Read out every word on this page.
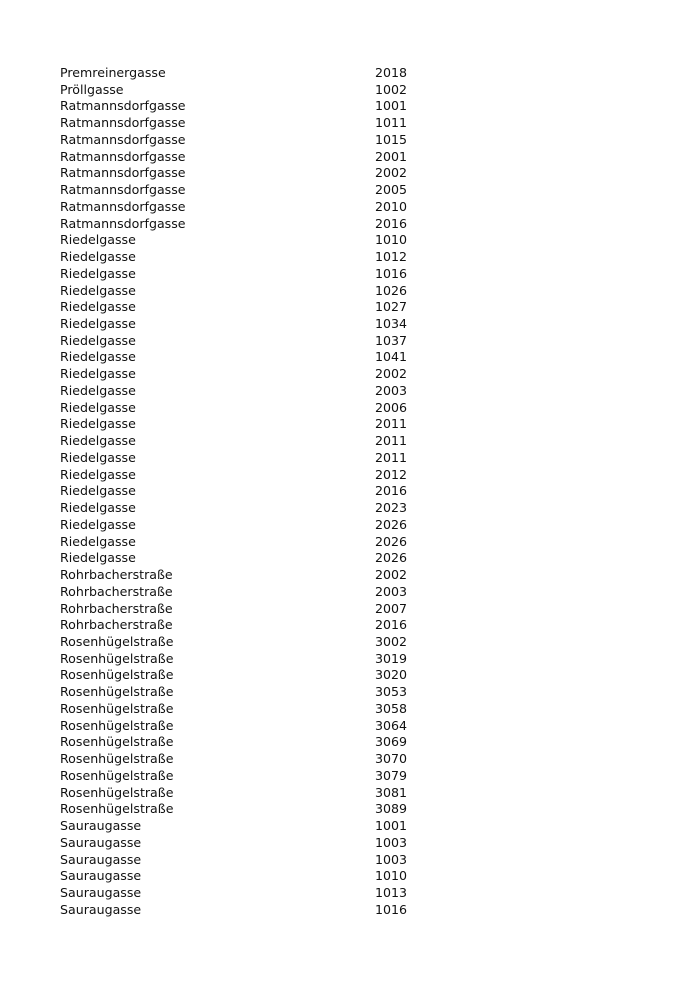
Premreinergasse	2018
Pröllgasse	1002
Ratmannsdorfgasse	1001
Ratmannsdorfgasse	1011
Ratmannsdorfgasse	1015
Ratmannsdorfgasse	2001
Ratmannsdorfgasse	2002
Ratmannsdorfgasse	2005
Ratmannsdorfgasse	2010
Ratmannsdorfgasse	2016
Riedelgasse	1010
Riedelgasse	1012
Riedelgasse	1016
Riedelgasse	1026
Riedelgasse	1027
Riedelgasse	1034
Riedelgasse	1037
Riedelgasse	1041
Riedelgasse	2002
Riedelgasse	2003
Riedelgasse	2006
Riedelgasse	2011
Riedelgasse	2011
Riedelgasse	2011
Riedelgasse	2012
Riedelgasse	2016
Riedelgasse	2023
Riedelgasse	2026
Riedelgasse	2026
Riedelgasse	2026
Rohrbacherstraße	2002
Rohrbacherstraße	2003
Rohrbacherstraße	2007
Rohrbacherstraße	2016
Rosenhügelstraße	3002
Rosenhügelstraße	3019
Rosenhügelstraße	3020
Rosenhügelstraße	3053
Rosenhügelstraße	3058
Rosenhügelstraße	3064
Rosenhügelstraße	3069
Rosenhügelstraße	3070
Rosenhügelstraße	3079
Rosenhügelstraße	3081
Rosenhügelstraße	3089
Sauraugasse	1001
Sauraugasse	1003
Sauraugasse	1003
Sauraugasse	1010
Sauraugasse	1013
Sauraugasse	1016
